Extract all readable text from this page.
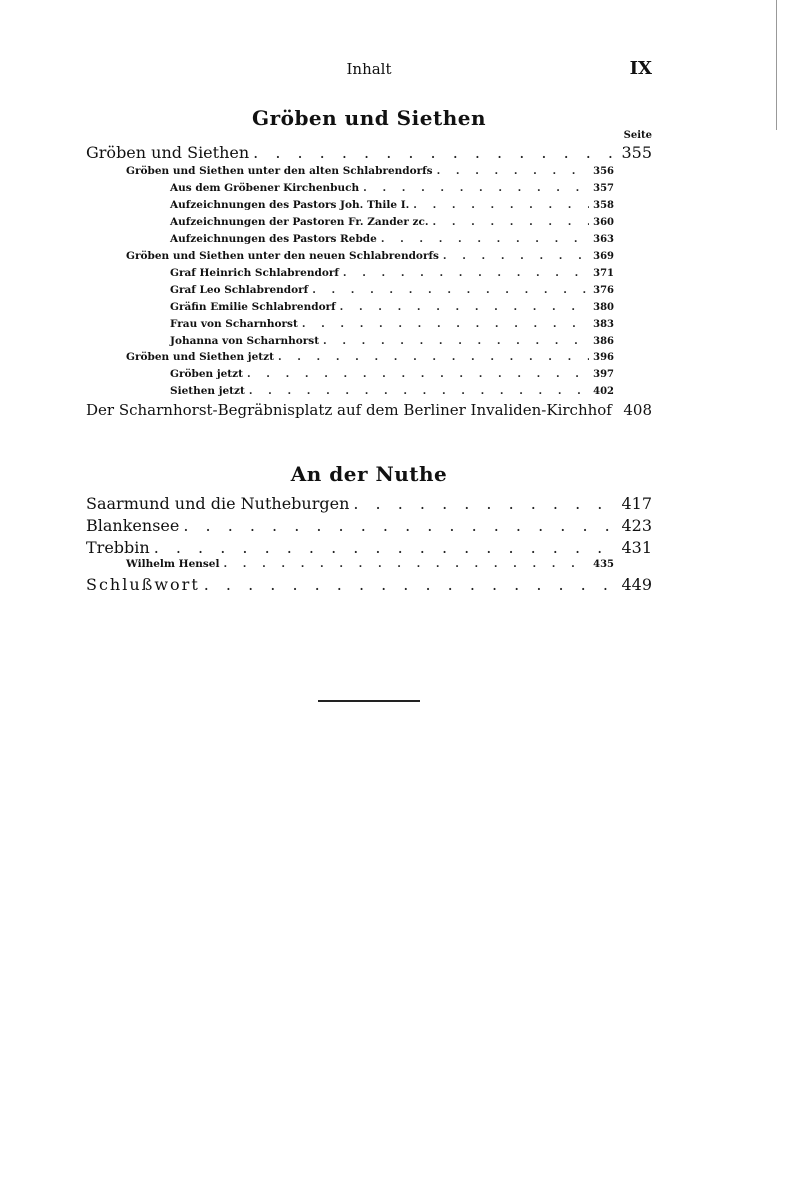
Inhalt	IX
Gröben und Siethen
Seite
Gröben und Siethen . . .	355
Gröben und Siethen unter den alten Schlabrendorfs . . .	356
Aus dem Gröbener Kirchenbuch . . .	357
Aufzeichnungen des Pastors Joh. Thile I. . . .	358
Aufzeichnungen der Pastoren Fr. Zander zc. . . .	360
Aufzeichnungen des Pastors Rebde . . .	363
Gröben und Siethen unter den neuen Schlabrendorfs . . .	369
Graf Heinrich Schlabrendorf . . .	371
Graf Leo Schlabrendorf . . .	376
Gräfin Emilie Schlabrendorf . . .	380
Frau von Scharnhorst . . .	383
Johanna von Scharnhorst . . .	386
Gröben und Siethen jetzt . . .	396
Gröben jetzt . . .	397
Siethen jetzt . . .	402
Der Scharnhorst-Begräbnisplatz auf dem Berliner Invaliden-Kirchhof 408
An der Nuthe
Saarmund und die Nutheburgen . . .	417
Blankensee . . .	423
Trebbin . . .	431
Wilhelm Hensel . . .	435
Schlußwort . . .	449
